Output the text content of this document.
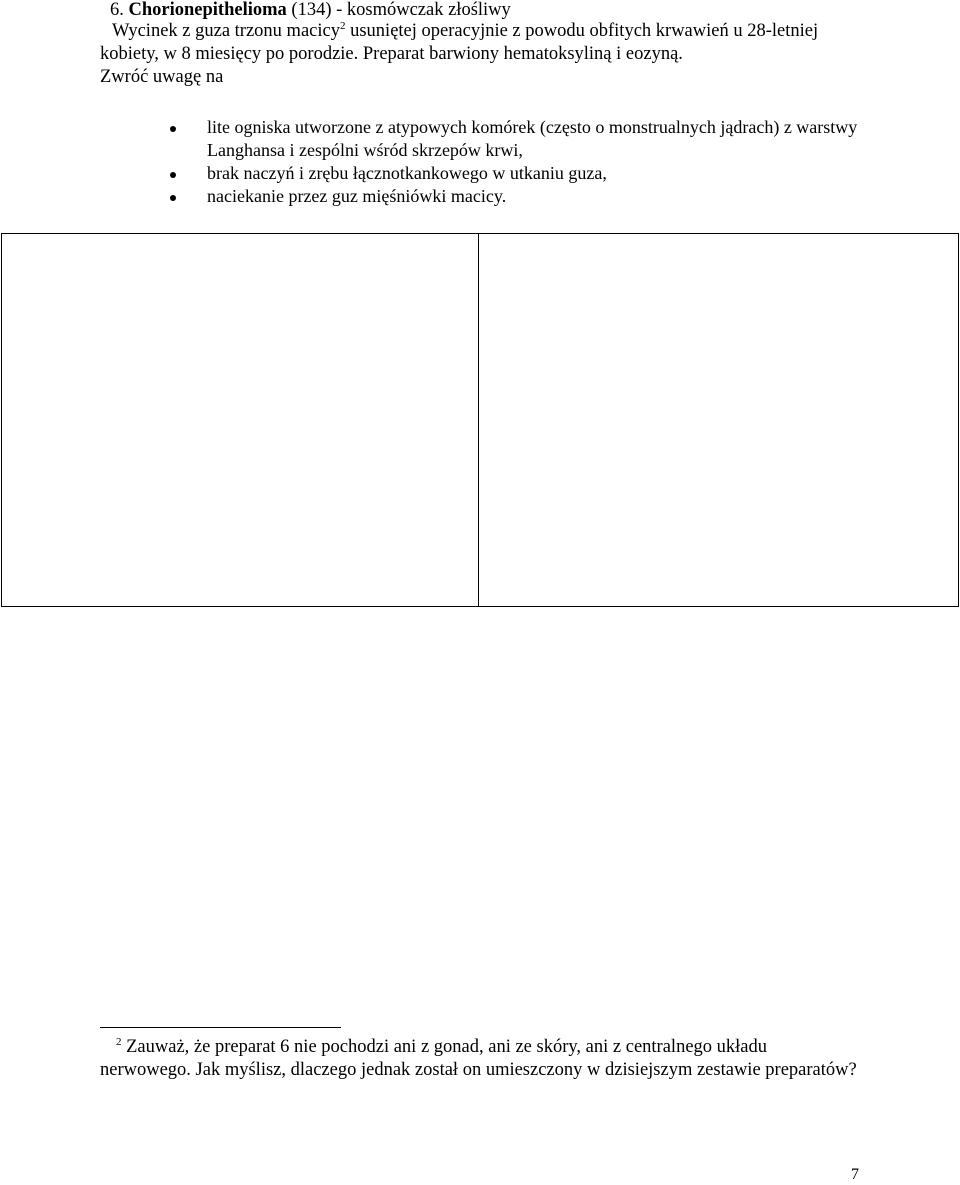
6. Chorionepithelioma (134) - kosmówczak złośliwy
Wycinek z guza trzonu macicy$^2$ usuniętej operacyjnie z powodu obfitych krwawień u 28-letniej kobiety, w 8 miesięcy po porodzie. Preparat barwiony hematoksyliną i eozyną.
Zwróć uwagę na
lite ogniska utworzone z atypowych komórek (często o monstrualnych jądrach) z warstwy Langhansa i zespólni wśród skrzepów krwi,
brak naczyń i zrębu łącznotkankowego w utkaniu guza,
naciekanie przez guz mięśniówki macicy.
$^2$ Zauważ, że preparat 6 nie pochodzi ani z gonad, ani ze skóry, ani z centralnego układu nerwowego. Jak myślisz, dlaczego jednak został on umieszczony w dzisiejszym zestawie preparatów?
7
